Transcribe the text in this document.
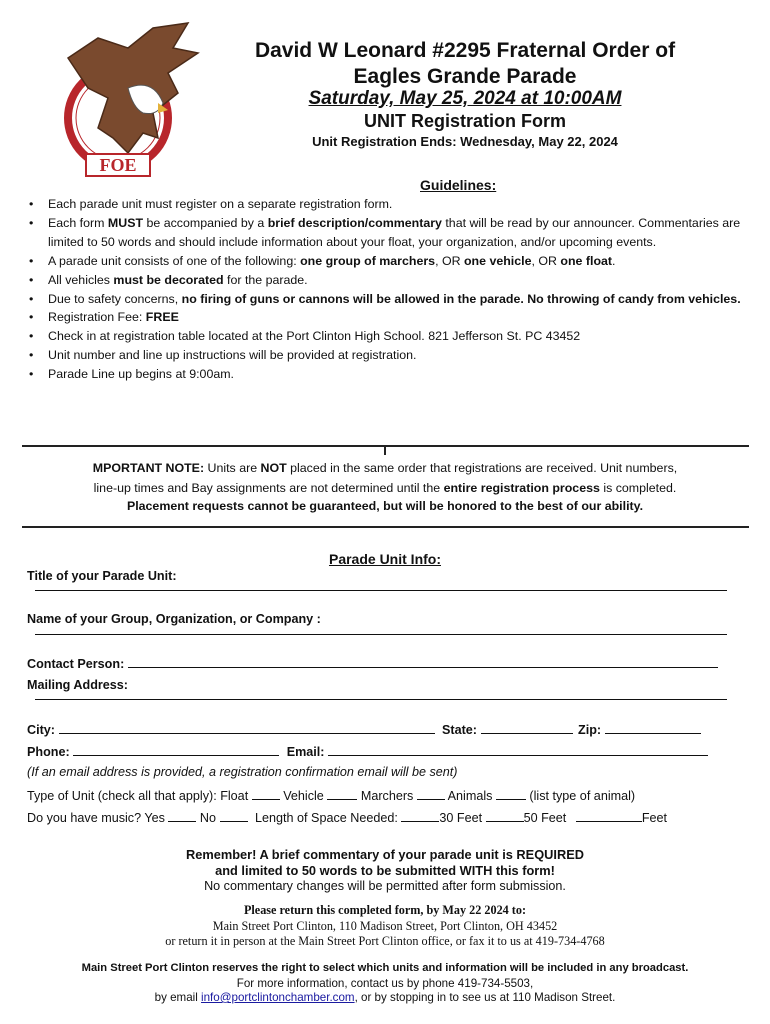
FOE
David W Leonard #2295 Fraternal Order of
Eagles Grande Parade
Saturday, May 25, 2024 at 10:00AM
UNIT Registration Form
Unit Registration Ends: Wednesday, May 22, 2024
Guidelines:
• Each parade unit must register on a separate registration form.
• Each form MUST be accompanied by a brief description/commentary that will be read by our announcer. Commentaries are limited to 50 words and should include information about your float, your organization, and/or upcoming events.
• A parade unit consists of one of the following: one group of marchers, OR one vehicle, OR one float.
• All vehicles must be decorated for the parade.
• Due to safety concerns, no firing of guns or cannons will be allowed in the parade. No throwing of candy from vehicles.
• Registration Fee: FREE
• Check in at registration table located at the Port Clinton High School. 821 Jefferson St. PC 43452
• Unit number and line up instructions will be provided at registration.
• Parade Line up begins at 9:00am.
MPORTANT NOTE: Units are NOT placed in the same order that registrations are received. Unit numbers,
line-up times and Bay assignments are not determined until the entire registration process is completed.
Placement requests cannot be guaranteed, but will be honored to the best of our ability.
Parade Unit Info:
Title of your Parade Unit:
Name of your Group, Organization, or Company :
Contact Person:
Mailing Address:
City:	State:	Zip:
Phone:	Email:
(If an email address is provided, a registration confirmation email will be sent)
Type of Unit (check all that apply): Float	Vehicle	Marchers	Animals	(list type of animal)
Do you have music? Yes	No	Length of Space Needed:	30 Feet	50 Feet	Feet
Remember! A brief commentary of your parade unit is REQUIRED
and limited to 50 words to be submitted WITH this form!
No commentary changes will be permitted after form submission.
Please return this completed form, by May 22 2024 to:
Main Street Port Clinton, 110 Madison Street, Port Clinton, OH 43452
or return it in person at the Main Street Port Clinton office, or fax it to us at 419-734-4768
Main Street Port Clinton reserves the right to select which units and information will be included in any broadcast.
For more information, contact us by phone 419-734-5503,
by email info@portclintonchamber.com, or by stopping in to see us at 110 Madison Street.
